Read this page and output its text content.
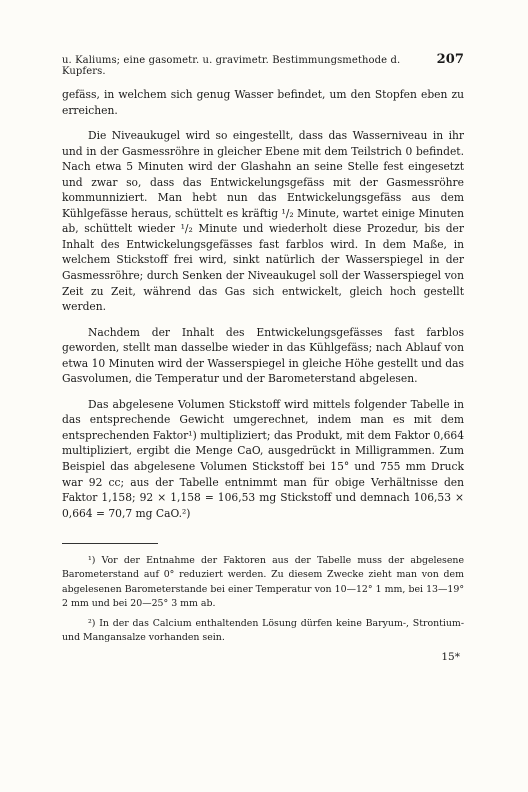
u. Kaliums; eine gasometr. u. gravimetr. Bestimmungsmethode d. Kupfers.
207

gefäss, in welchem sich genug Wasser befindet, um den Stopfen eben zu erreichen.

Die Niveaukugel wird so eingestellt, dass das Wasserniveau in ihr und in der Gasmessröhre in gleicher Ebene mit dem Teilstrich 0 befindet. Nach etwa 5 Minuten wird der Glashahn an seine Stelle fest eingesetzt und zwar so, dass das Entwickelungsgefäss mit der Gasmessröhre kommunniziert. Man hebt nun das Entwickelungsgefäss aus dem Kühlgefässe heraus, schüttelt es kräftig ¹/₂ Minute, wartet einige Minuten ab, schüttelt wieder ¹/₂ Minute und wiederholt diese Prozedur, bis der Inhalt des Entwickelungsgefässes fast farblos wird. In dem Maße, in welchem Stickstoff frei wird, sinkt natürlich der Wasserspiegel in der Gasmessröhre; durch Senken der Niveaukugel soll der Wasserspiegel von Zeit zu Zeit, während das Gas sich entwickelt, gleich hoch gestellt werden.

Nachdem der Inhalt des Entwickelungsgefässes fast farblos geworden, stellt man dasselbe wieder in das Kühlgefäss; nach Ablauf von etwa 10 Minuten wird der Wasserspiegel in gleiche Höhe gestellt und das Gasvolumen, die Temperatur und der Barometerstand abgelesen.

Das abgelesene Volumen Stickstoff wird mittels folgender Tabelle in das entsprechende Gewicht umgerechnet, indem man es mit dem entsprechenden Faktor¹) multipliziert; das Produkt, mit dem Faktor 0,664 multipliziert, ergibt die Menge CaO, ausgedrückt in Milligrammen. Zum Beispiel das abgelesene Volumen Stickstoff bei 15° und 755 mm Druck war 92 cc; aus der Tabelle entnimmt man für obige Verhältnisse den Faktor 1,158; 92 × 1,158 = 106,53 mg Stickstoff und demnach 106,53 × 0,664 = 70,7 mg CaO.²)

¹) Vor der Entnahme der Faktoren aus der Tabelle muss der abgelesene Barometerstand auf 0° reduziert werden. Zu diesem Zwecke zieht man von dem abgelesenen Barometerstande bei einer Temperatur von 10—12° 1 mm, bei 13—19° 2 mm und bei 20—25° 3 mm ab.

²) In der das Calcium enthaltenden Lösung dürfen keine Baryum-, Strontium- und Mangansalze vorhanden sein.

15*
